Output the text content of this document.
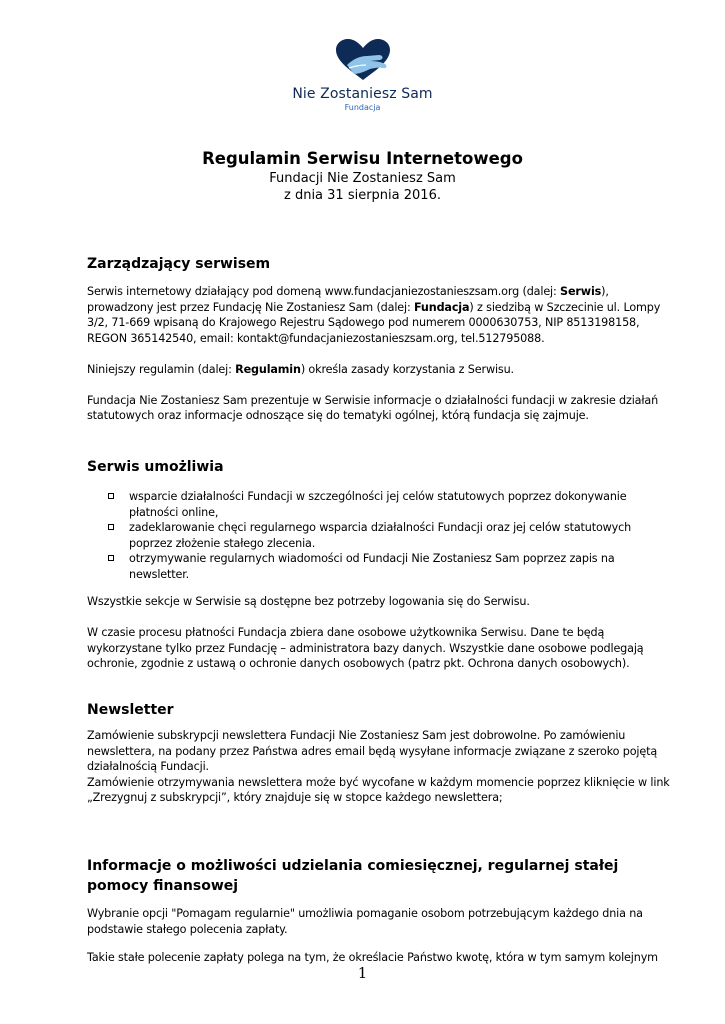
Nie Zostaniesz Sam
Fundacja
Regulamin Serwisu Internetowego
Fundacji Nie Zostaniesz Sam
z dnia 31 sierpnia 2016.
Zarządzający serwisem

Serwis internetowy działający pod domeną www.fundacjaniezostanieszsam.org (dalej: Serwis), prowadzony jest przez Fundację Nie Zostaniesz Sam (dalej: Fundacja) z siedzibą w Szczecinie ul. Lompy 3/2, 71-669 wpisaną do Krajowego Rejestru Sądowego pod numerem 0000630753, NIP 8513198158, REGON 365142540, email: kontakt@fundacjaniezostanieszsam.org, tel.512795088.

Niniejszy regulamin (dalej: Regulamin) określa zasady korzystania z Serwisu.

Fundacja Nie Zostaniesz Sam prezentuje w Serwisie informacje o działalności fundacji w zakresie działań statutowych oraz informacje odnoszące się do tematyki ogólnej, którą fundacja się zajmuje.

Serwis umożliwia
wsparcie działalności Fundacji w szczególności jej celów statutowych poprzez dokonywanie płatności online,
zadeklarowanie chęci regularnego wsparcia działalności Fundacji oraz jej celów statutowych poprzez złożenie stałego zlecenia.
otrzymywanie regularnych wiadomości od Fundacji Nie Zostaniesz Sam poprzez zapis na newsletter.

Wszystkie sekcje w Serwisie są dostępne bez potrzeby logowania się do Serwisu.

W czasie procesu płatności Fundacja zbiera dane osobowe użytkownika Serwisu. Dane te będą wykorzystane tylko przez Fundację – administratora bazy danych. Wszystkie dane osobowe podlegają ochronie, zgodnie z ustawą o ochronie danych osobowych (patrz pkt. Ochrona danych osobowych).

Newsletter

Zamówienie subskrypcji newslettera Fundacji Nie Zostaniesz Sam jest dobrowolne. Po zamówieniu newslettera, na podany przez Państwa adres email będą wysyłane informacje związane z szeroko pojętą działalnością Fundacji.

Zamówienie otrzymywania newslettera może być wycofane w każdym momencie poprzez kliknięcie w link „Zrezygnuj z subskrypcji”, który znajduje się w stopce każdego newslettera;

Informacje o możliwości udzielania comiesięcznej, regularnej stałej pomocy finansowej

Wybranie opcji "Pomagam regularnie" umożliwia pomaganie osobom potrzebującym każdego dnia na podstawie stałego polecenia zapłaty.

Takie stałe polecenie zapłaty polega na tym, że określacie Państwo kwotę, która w tym samym kolejnym

1
